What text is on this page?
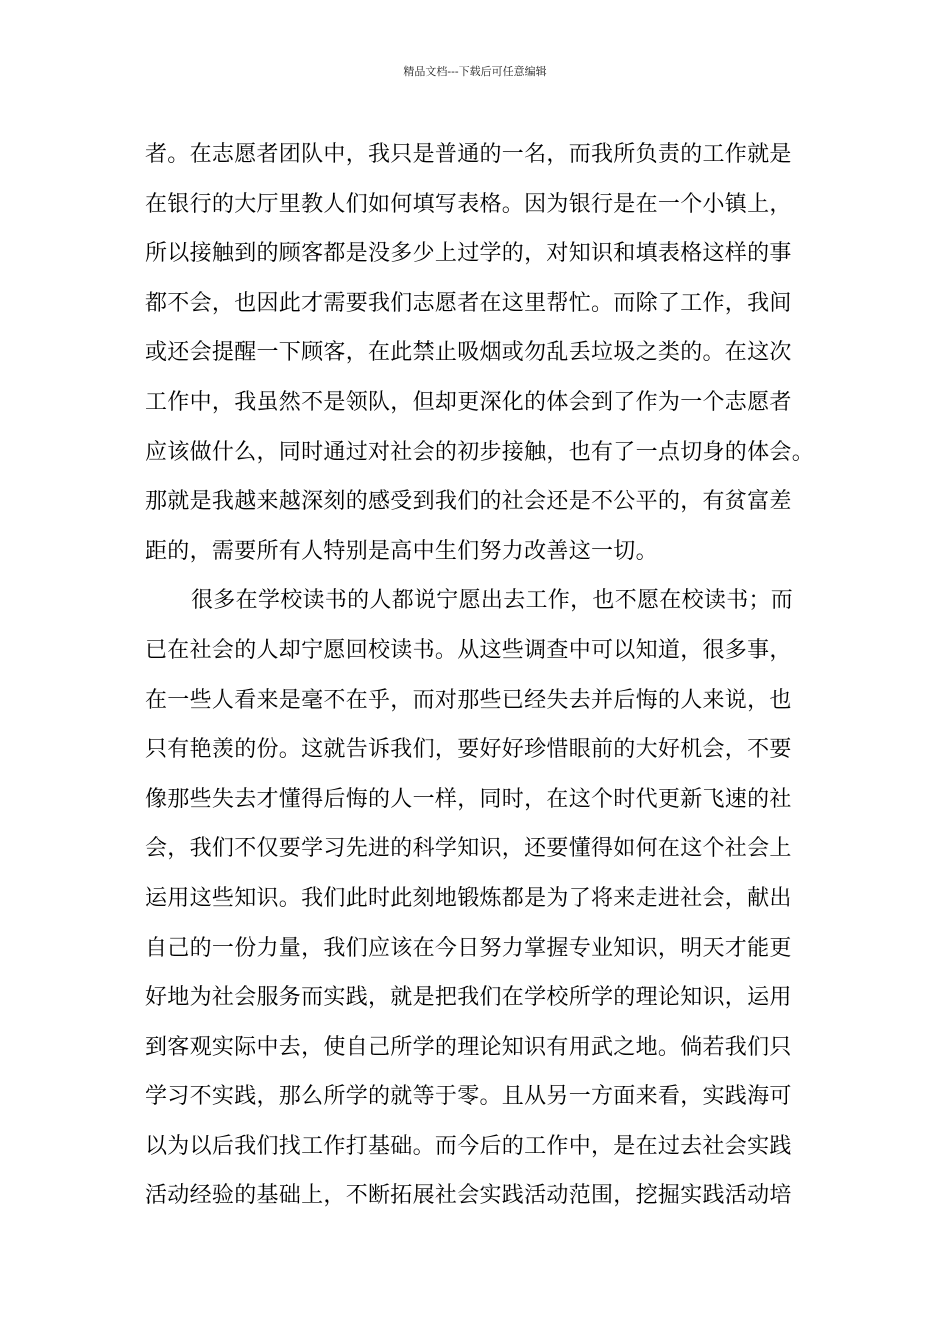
精品文档---下载后可任意编辑
者。在志愿者团队中，我只是普通的一名，而我所负责的工作就是
在银行的大厅里教人们如何填写表格。因为银行是在一个小镇上，
所以接触到的顾客都是没多少上过学的，对知识和填表格这样的事
都不会，也因此才需要我们志愿者在这里帮忙。而除了工作，我间
或还会提醒一下顾客，在此禁止吸烟或勿乱丢垃圾之类的。在这次
工作中，我虽然不是领队，但却更深化的体会到了作为一个志愿者
应该做什么，同时通过对社会的初步接触，也有了一点切身的体会。
那就是我越来越深刻的感受到我们的社会还是不公平的，有贫富差
距的，需要所有人特别是高中生们努力改善这一切。
很多在学校读书的人都说宁愿出去工作，也不愿在校读书；而
已在社会的人却宁愿回校读书。从这些调查中可以知道，很多事，
在一些人看来是毫不在乎，而对那些已经失去并后悔的人来说，也
只有艳羡的份。这就告诉我们，要好好珍惜眼前的大好机会，不要
像那些失去才懂得后悔的人一样，同时，在这个时代更新飞速的社
会，我们不仅要学习先进的科学知识，还要懂得如何在这个社会上
运用这些知识。我们此时此刻地锻炼都是为了将来走进社会，献出
自己的一份力量，我们应该在今日努力掌握专业知识，明天才能更
好地为社会服务而实践，就是把我们在学校所学的理论知识，运用
到客观实际中去，使自己所学的理论知识有用武之地。倘若我们只
学习不实践，那么所学的就等于零。且从另一方面来看，实践海可
以为以后我们找工作打基础。而今后的工作中，是在过去社会实践
活动经验的基础上，不断拓展社会实践活动范围，挖掘实践活动培
